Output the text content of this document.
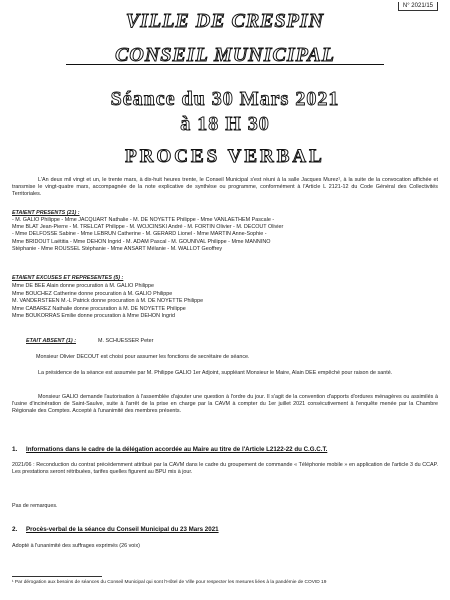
N° 2021/15
VILLE DE CRESPIN
CONSEIL MUNICIPAL
Séance du 30 Mars 2021
à 18 H 30
PROCES VERBAL
L'An deux mil vingt et un, le trente mars, à dix-huit heures trente, le Conseil Municipal s'est réuni à la salle Jacques Murez¹, à la suite de la convocation affichée et transmise le vingt-quatre mars, accompagnée de la note explicative de synthèse ou programme, conformément à l'Article L 2121-12 du Code Général des Collectivités Territoriales.
ETAIENT PRESENTS (21) :
- M. GALIO Philippe - Mme JACQUART Nathalie - M. DE NOYETTE Philippe - Mme VANLAETHEM Pascale -
Mme BLAT Jean-Pierre - M. TRELCAT Philippe - M. WOJCINSKI André - M. FORTIN Olivier - M. DECOUT Olivier
- Mme DELFOSSE Sabine - Mme LEBRUN Catherine - M. GERARD Lionel - Mme MARTIN Anne-Sophie -
Mme BRIDOUT Laëtitia - Mme DEHON Ingrid - M. ADAM Pascal - M. GOUNIVAL Philippe - Mme MANNINO
Stéphanie - Mme ROUSSEL Stéphanie - Mme ANSART Mélanie - M. WALLOT Geoffrey
ETAIENT EXCUSES ET REPRESENTES (5) :
Mme DE BEE Alain donne procuration à M. GALIO Philippe
Mme BOUCHEZ Catherine donne procuration à M. GALIO Philippe
M. VANDERSTEEN M.-L Patrick donne procuration à M. DE NOYETTE Philippe
Mme CABAREZ Nathalie donne procuration à M. DE NOYETTE Philippe
Mme BOUKORRAS Emilie donne procuration à Mme DEHON Ingrid
ETAIT ABSENT (1) :	M. SCHUESSER Peter
Monsieur Olivier DECOUT est choisi pour assumer les fonctions de secrétaire de séance.
La présidence de la séance est assumée par M. Philippe GALIO 1er Adjoint, suppléant Monsieur le Maire, Alain DEE empêché pour raison de santé.
Monsieur GALIO demande l'autorisation à l'assemblée d'ajouter une question à l'ordre du jour. Il s'agit de la convention d'apports d'ordures ménagères ou assimilés à l'usine d'incinération de Saint-Saulve, suite à l'arrêt de la prise en charge par la CAVM à compter du 1er juillet 2021 consécutivement à l'enquête menée par la Chambre Régionale des Comptes. Accepté à l'unanimité des membres présents.
1. Informations dans le cadre de la délégation accordée au Maire au titre de l'Article L2122-22 du C.G.C.T.
2021/06 : Reconduction du contrat précédemment attribué par la CAVM dans le cadre du groupement de commande « Téléphonie mobile » en application de l'article 3 du CCAP. Les prestations seront rétribuées, tarifes quelles figurent au BPU mis à jour.
Pas de remarques.
2. Procès-verbal de la séance du Conseil Municipal du 23 Mars 2021
Adopté à l'unanimité des suffrages exprimés (26 voix)
¹ Par dérogation aux besoins de séances du Conseil Municipal qui sont l'Hôtel de Ville pour respecter les mesures liées à la pandémie de COVID 19
